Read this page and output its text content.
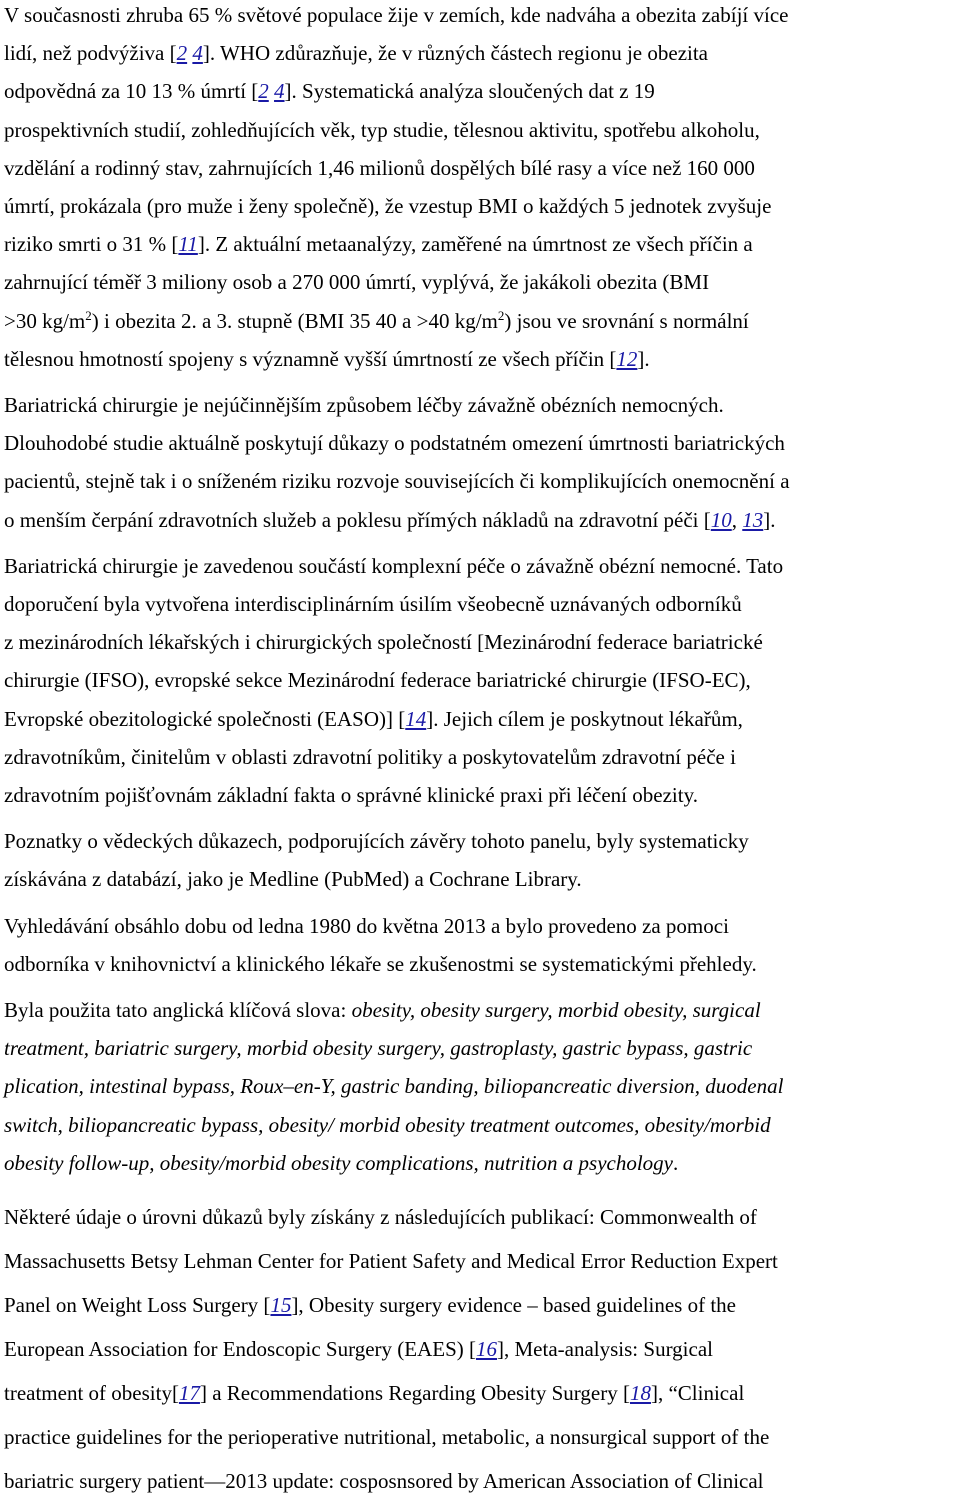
V současnosti zhruba 65 % světové populace žije v zemích, kde nadváha a obezita zabíjí více
lidí, než podvýživa [2 4]. WHO zdůrazňuje, že v různých částech regionu je obezita
odpovědná za 10 13 % úmrtí [2 4]. Systematická analýza sloučených dat z 19
prospektivních studií, zohledňujících věk, typ studie, tělesnou aktivitu, spotřebu alkoholu,
vzdělání a rodinný stav, zahrnujících 1,46 milionů dospělých bílé rasy a více než 160 000
úmrtí, prokázala (pro muže i ženy společně), že vzestup BMI o každých 5 jednotek zvyšuje
riziko smrti o 31 % [11]. Z aktuální metaanalýzy, zaměřené na úmrtnost ze všech příčin a
zahrnující téměř 3 miliony osob a 270 000 úmrtí, vyplývá, že jakákoli obezita (BMI
>30 $kg/m^2$) i obezita 2. a 3. stupně (BMI 35 40 a >40 $kg/m^2$) jsou ve srovnání s normální
tělesnou hmotností spojeny s významně vyšší úmrtností ze všech příčin [12].

Bariatrická chirurgie je nejúčinnějším způsobem léčby závažně obézních nemocných.
Dlouhodobé studie aktuálně poskytují důkazy o podstatném omezení úmrtnosti bariatrických
pacientů, stejně tak i o sníženém riziku rozvoje souvisejících či komplikujících onemocnění a
o menším čerpání zdravotních služeb a poklesu přímých nákladů na zdravotní péči [10, 13].

Bariatrická chirurgie je zavedenou součástí komplexní péče o závažně obézní nemocné. Tato
doporučení byla vytvořena interdisciplinárním úsilím všeobecně uznávaných odborníků
z mezinárodních lékařských i chirurgických společností [Mezinárodní federace bariatrické
chirurgie (IFSO), evropské sekce Mezinárodní federace bariatrické chirurgie (IFSO-EC),
Evropské obezitologické společnosti (EASO)] [14]. Jejich cílem je poskytnout lékařům,
zdravotníkům, činitelům v oblasti zdravotní politiky a poskytovatelům zdravotní péče i
zdravotním pojišťovnám základní fakta o správné klinické praxi při léčení obezity.

Poznatky o vědeckých důkazech, podporujících závěry tohoto panelu, byly systematicky
získávána z databází, jako je Medline (PubMed) a Cochrane Library.

Vyhledávání obsáhlo dobu od ledna 1980 do května 2013 a bylo provedeno za pomoci
odborníka v knihovnictví a klinického lékaře se zkušenostmi se systematickými přehledy.

Byla použita tato anglická klíčová slova: obesity, obesity surgery, morbid obesity, surgical
treatment, bariatric surgery, morbid obesity surgery, gastroplasty, gastric bypass, gastric
plication, intestinal bypass, Roux–en-Y, gastric banding, biliopancreatic diversion, duodenal
switch, biliopancreatic bypass, obesity/ morbid obesity treatment outcomes, obesity/morbid
obesity follow-up, obesity/morbid obesity complications, nutrition a psychology.

Některé údaje o úrovni důkazů byly získány z následujících publikací: Commonwealth of
Massachusetts Betsy Lehman Center for Patient Safety and Medical Error Reduction Expert
Panel on Weight Loss Surgery [15], Obesity surgery evidence – based guidelines of the
European Association for Endoscopic Surgery (EAES) [16], Meta-analysis: Surgical
treatment of obesity[17] a Recommendations Regarding Obesity Surgery [18], “Clinical
practice guidelines for the perioperative nutritional, metabolic, a nonsurgical support of the
bariatric surgery patient—2013 update: cosposnsored by American Association of Clinical
